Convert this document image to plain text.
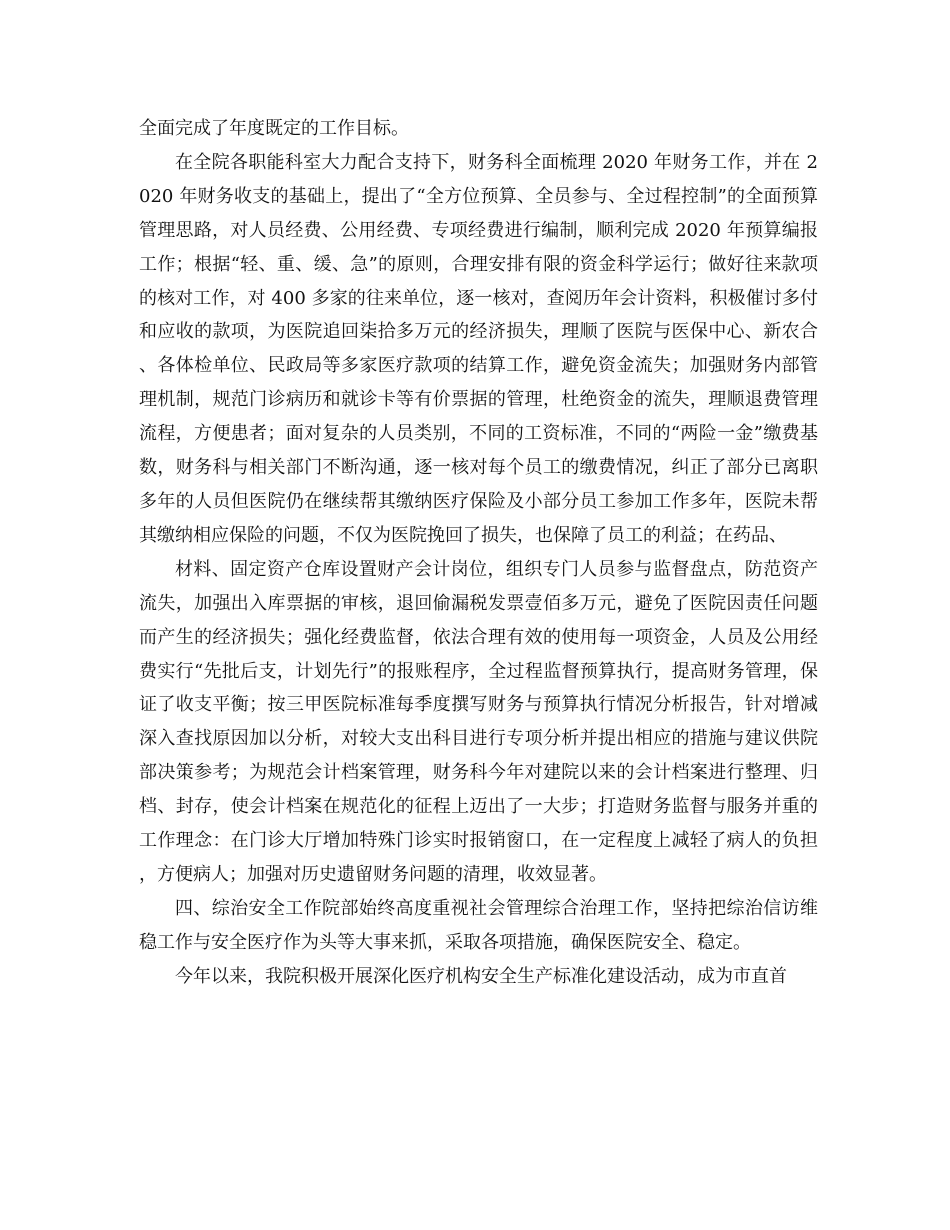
全面完成了年度既定的工作目标。

在全院各职能科室大力配合支持下，财务科全面梳理 2020 年财务工作，并在 2020 年财务收支的基础上，提出了“全方位预算、全员参与、全过程控制”的全面预算管理思路，对人员经费、公用经费、专项经费进行编制，顺利完成 2020 年预算编报工作；根据“轻、重、缓、急”的原则，合理安排有限的资金科学运行；做好往来款项的核对工作，对 400 多家的往来单位，逐一核对，查阅历年会计资料，积极催讨多付和应收的款项，为医院追回柒拾多万元的经济损失，理顺了医院与医保中心、新农合、各体检单位、民政局等多家医疗款项的结算工作，避免资金流失；加强财务内部管理机制，规范门诊病历和就诊卡等有价票据的管理，杜绝资金的流失，理顺退费管理流程，方便患者；面对复杂的人员类别，不同的工资标准，不同的“两险一金”缴费基数，财务科与相关部门不断沟通，逐一核对每个员工的缴费情况，纠正了部分已离职多年的人员但医院仍在继续帮其缴纳医疗保险及小部分员工参加工作多年，医院未帮其缴纳相应保险的问题，不仅为医院挽回了损失，也保障了员工的利益；在药品、

材料、固定资产仓库设置财产会计岗位，组织专门人员参与监督盘点，防范资产流失，加强出入库票据的审核，退回偷漏税发票壹佰多万元，避免了医院因责任问题而产生的经济损失；强化经费监督，依法合理有效的使用每一项资金，人员及公用经费实行“先批后支，计划先行”的报账程序，全过程监督预算执行，提高财务管理，保证了收支平衡；按三甲医院标准每季度撰写财务与预算执行情况分析报告，针对增减深入查找原因加以分析，对较大支出科目进行专项分析并提出相应的措施与建议供院部决策参考；为规范会计档案管理，财务科今年对建院以来的会计档案进行整理、归档、封存，使会计档案在规范化的征程上迈出了一大步；打造财务监督与服务并重的工作理念：在门诊大厅增加特殊门诊实时报销窗口，在一定程度上减轻了病人的负担，方便病人；加强对历史遗留财务问题的清理，收效显著。

四、综治安全工作院部始终高度重视社会管理综合治理工作，坚持把综治信访维稳工作与安全医疗作为头等大事来抓，采取各项措施，确保医院安全、稳定。

今年以来，我院积极开展深化医疗机构安全生产标准化建设活动，成为市直首
